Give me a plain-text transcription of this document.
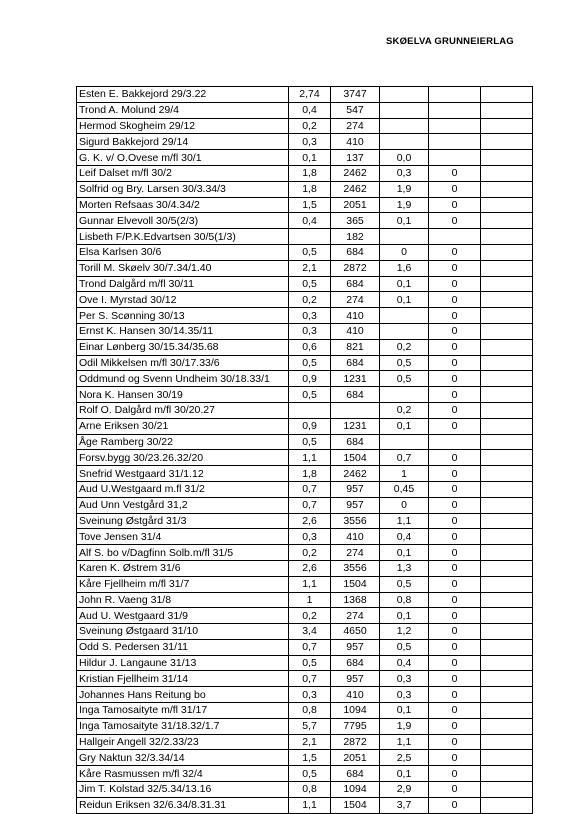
SKØELVA GRUNNEIERLAG
Esten E. Bakkejord 29/3.22	2,74	3747			
Trond A. Molund 29/4	0,4	547			
Hermod Skogheim 29/12	0,2	274			
Sigurd Bakkejord 29/14	0,3	410			
G. K. v/ O.Ovese m/fl 30/1	0,1	137	0,0		
Leif Dalset m/fl 30/2	1,8	2462	0,3	0	
Solfrid og Bry. Larsen 30/3.34/3	1,8	2462	1,9	0	
Morten Refsaas 30/4.34/2	1,5	2051	1,9	0	
Gunnar Elvevoll 30/5(2/3)	0,4	365	0,1	0	
Lisbeth F/P.K.Edvartsen 30/5(1/3)		182			
Elsa Karlsen 30/6	0,5	684	0	0	
Torill M. Skøelv 30/7.34/1.40	2,1	2872	1,6	0	
Trond Dalgård m/fl 30/11	0,5	684	0,1	0	
Ove I. Myrstad 30/12	0,2	274	0,1	0	
Per S. Scønning 30/13	0,3	410		0	
Ernst K. Hansen 30/14.35/11	0,3	410		0	
Einar Lønberg 30/15.34/35.68	0,6	821	0,2	0	
Odil Mikkelsen m/fl 30/17.33/6	0,5	684	0,5	0	
Oddmund og Svenn Undheim 30/18.33/1	0,9	1231	0,5	0	
Nora K. Hansen 30/19	0,5	684		0	
Rolf O. Dalgård m/fl 30/20.27			0,2	0	
Arne Eriksen 30/21	0,9	1231	0,1	0	
Åge Ramberg 30/22	0,5	684			
Forsv.bygg 30/23.26.32/20	1,1	1504	0,7	0	
Snefrid Westgaard 31/1.12	1,8	2462	1	0	
Aud U.Westgaard m.fl 31/2	0,7	957	0,45	0	
Aud Unn Vestgård 31,2	0,7	957	0	0	
Sveinung Østgård 31/3	2,6	3556	1,1	0	
Tove Jensen 31/4	0,3	410	0,4	0	
Alf S. bo v/Dagfinn Solb.m/fl 31/5	0,2	274	0,1	0	
Karen K. Østrem 31/6	2,6	3556	1,3	0	
Kåre Fjellheim m/fl 31/7	1,1	1504	0,5	0	
John R. Vaeng 31/8	1	1368	0,8	0	
Aud U. Westgaard 31/9	0,2	274	0,1	0	
Sveinung Østgaard 31/10	3,4	4650	1,2	0	
Odd S. Pedersen 31/11	0,7	957	0,5	0	
Hildur J. Langaune 31/13	0,5	684	0,4	0	
Kristian Fjellheim 31/14	0,7	957	0,3	0	
Johannes Hans Reitung bo	0,3	410	0,3	0	
Inga Tamosaityte m/fl 31/17	0,8	1094	0,1	0	
Inga Tamosaityte 31/18.32/1.7	5,7	7795	1,9	0	
Hallgeir Angell 32/2.33/23	2,1	2872	1,1	0	
Gry Naktun 32/3.34/14	1,5	2051	2,5	0	
Kåre Rasmussen m/fl 32/4	0,5	684	0,1	0	
Jim T. Kolstad 32/5.34/13.16	0,8	1094	2,9	0	
Reidun Eriksen 32/6.34/8.31.31	1,1	1504	3,7	0	
